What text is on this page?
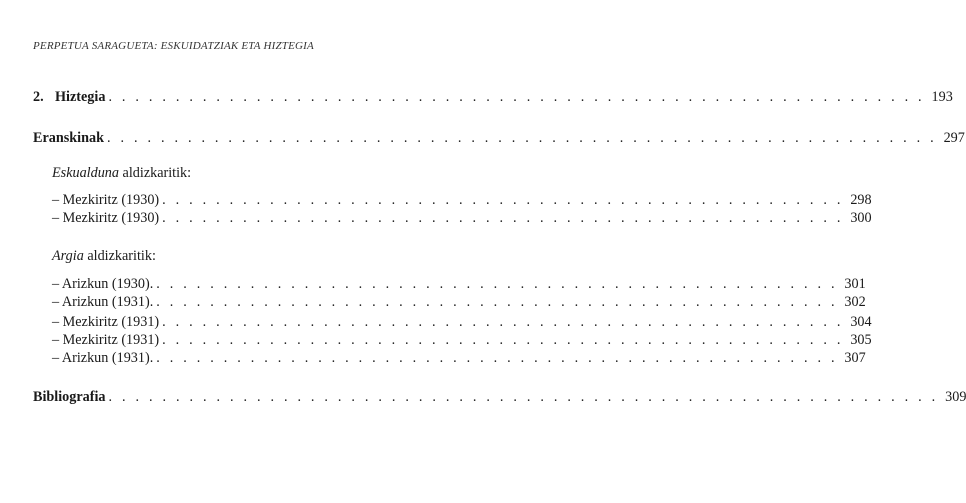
PERPETUA SARAGUETA: ESKUIDATZIAK ETA HIZTEGIA
2. Hiztegia . . . . . . . . . . . . . . . . . . . . . . . . . . . . . . . . . . . . . . . . . . . . . . . . . . . . . . . . . . . . . 193
Eranskinak . . . . . . . . . . . . . . . . . . . . . . . . . . . . . . . . . . . . . . . . . . . . . . . . . . . . . . . . . . . . . . 297
Eskualduna aldizkaritik:
– Mezkiritz (1930) . . . . . . . . . . . . . . . . . . . . . . . . . . . . . . . . . . . . . . . . . . . . . . . . . . . 298
– Mezkiritz (1930) . . . . . . . . . . . . . . . . . . . . . . . . . . . . . . . . . . . . . . . . . . . . . . . . . . . 300
Argia aldizkaritik:
– Arizkun (1930). . . . . . . . . . . . . . . . . . . . . . . . . . . . . . . . . . . . . . . . . . . . . . . . . . . . 301
– Arizkun (1931). . . . . . . . . . . . . . . . . . . . . . . . . . . . . . . . . . . . . . . . . . . . . . . . . . . . 302
– Mezkiritz (1931) . . . . . . . . . . . . . . . . . . . . . . . . . . . . . . . . . . . . . . . . . . . . . . . . . . . 304
– Mezkiritz (1931) . . . . . . . . . . . . . . . . . . . . . . . . . . . . . . . . . . . . . . . . . . . . . . . . . . . 305
– Arizkun (1931). . . . . . . . . . . . . . . . . . . . . . . . . . . . . . . . . . . . . . . . . . . . . . . . . . . . 307
Bibliografia . . . . . . . . . . . . . . . . . . . . . . . . . . . . . . . . . . . . . . . . . . . . . . . . . . . . . . . . . . . . . . 309
